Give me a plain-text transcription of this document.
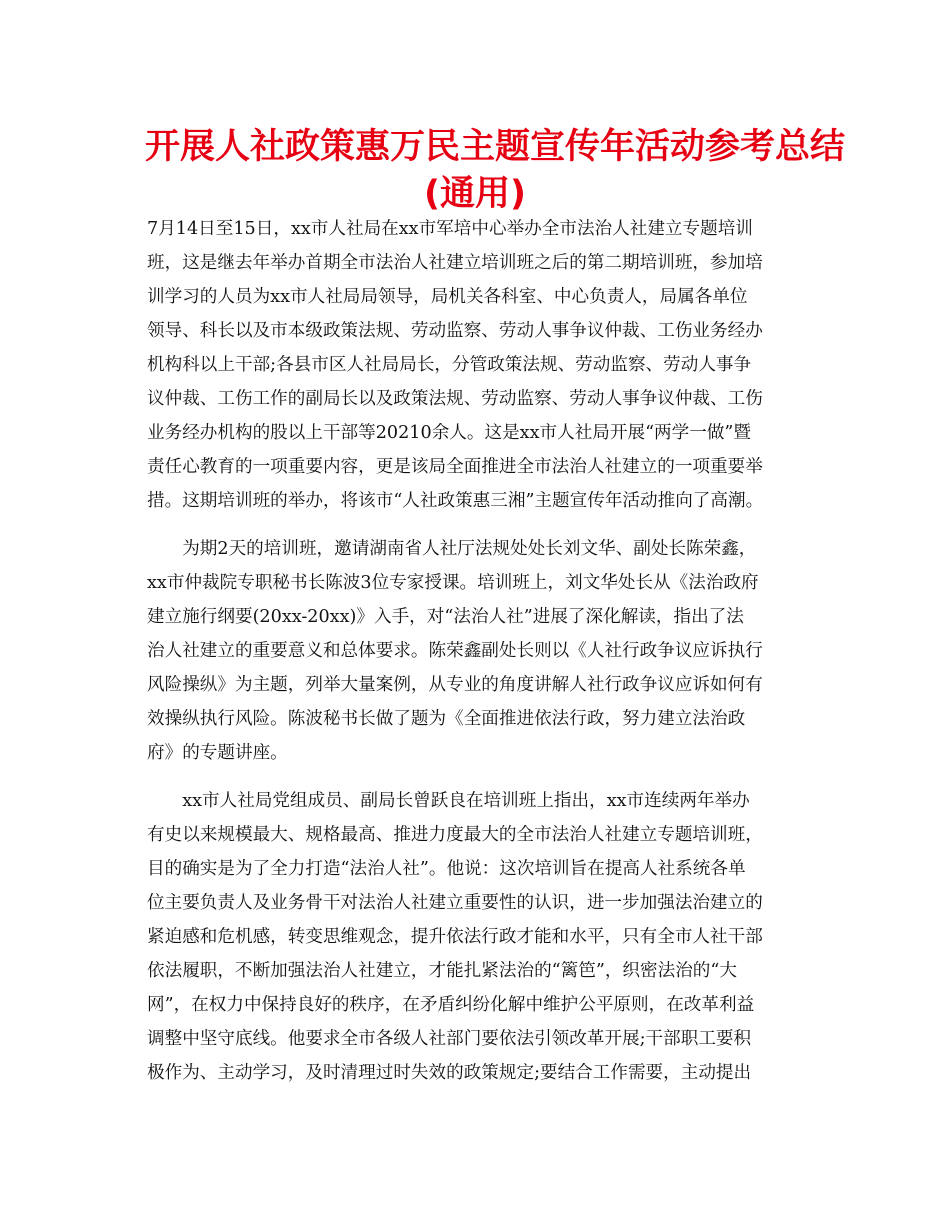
开展人社政策惠万民主题宣传年活动参考总结
(通用)
7月14日至15日，xx市人社局在xx市军培中心举办全市法治人社建立专题培训
班，这是继去年举办首期全市法治人社建立培训班之后的第二期培训班，参加培
训学习的人员为xx市人社局局领导，局机关各科室、中心负责人，局属各单位
领导、科长以及市本级政策法规、劳动监察、劳动人事争议仲裁、工伤业务经办
机构科以上干部;各县市区人社局局长，分管政策法规、劳动监察、劳动人事争
议仲裁、工伤工作的副局长以及政策法规、劳动监察、劳动人事争议仲裁、工伤
业务经办机构的股以上干部等20210余人。这是xx市人社局开展“两学一做”暨
责任心教育的一项重要内容，更是该局全面推进全市法治人社建立的一项重要举
措。这期培训班的举办，将该市“人社政策惠三湘”主题宣传年活动推向了高潮。
　　为期2天的培训班，邀请湖南省人社厅法规处处长刘文华、副处长陈荣鑫，
xx市仲裁院专职秘书长陈波3位专家授课。培训班上，刘文华处长从《法治政府
建立施行纲要(20xx-20xx)》入手，对“法治人社”进展了深化解读，指出了法
治人社建立的重要意义和总体要求。陈荣鑫副处长则以《人社行政争议应诉执行
风险操纵》为主题，列举大量案例，从专业的角度讲解人社行政争议应诉如何有
效操纵执行风险。陈波秘书长做了题为《全面推进依法行政，努力建立法治政
府》的专题讲座。
　　xx市人社局党组成员、副局长曾跃良在培训班上指出，xx市连续两年举办
有史以来规模最大、规格最高、推进力度最大的全市法治人社建立专题培训班，
目的确实是为了全力打造“法治人社”。他说：这次培训旨在提高人社系统各单
位主要负责人及业务骨干对法治人社建立重要性的认识，进一步加强法治建立的
紧迫感和危机感，转变思维观念，提升依法行政才能和水平，只有全市人社干部
依法履职，不断加强法治人社建立，才能扎紧法治的“篱笆”，织密法治的“大
网”，在权力中保持良好的秩序，在矛盾纠纷化解中维护公平原则，在改革利益
调整中坚守底线。他要求全市各级人社部门要依法引领改革开展;干部职工要积
极作为、主动学习，及时清理过时失效的政策规定;要结合工作需要，主动提出
